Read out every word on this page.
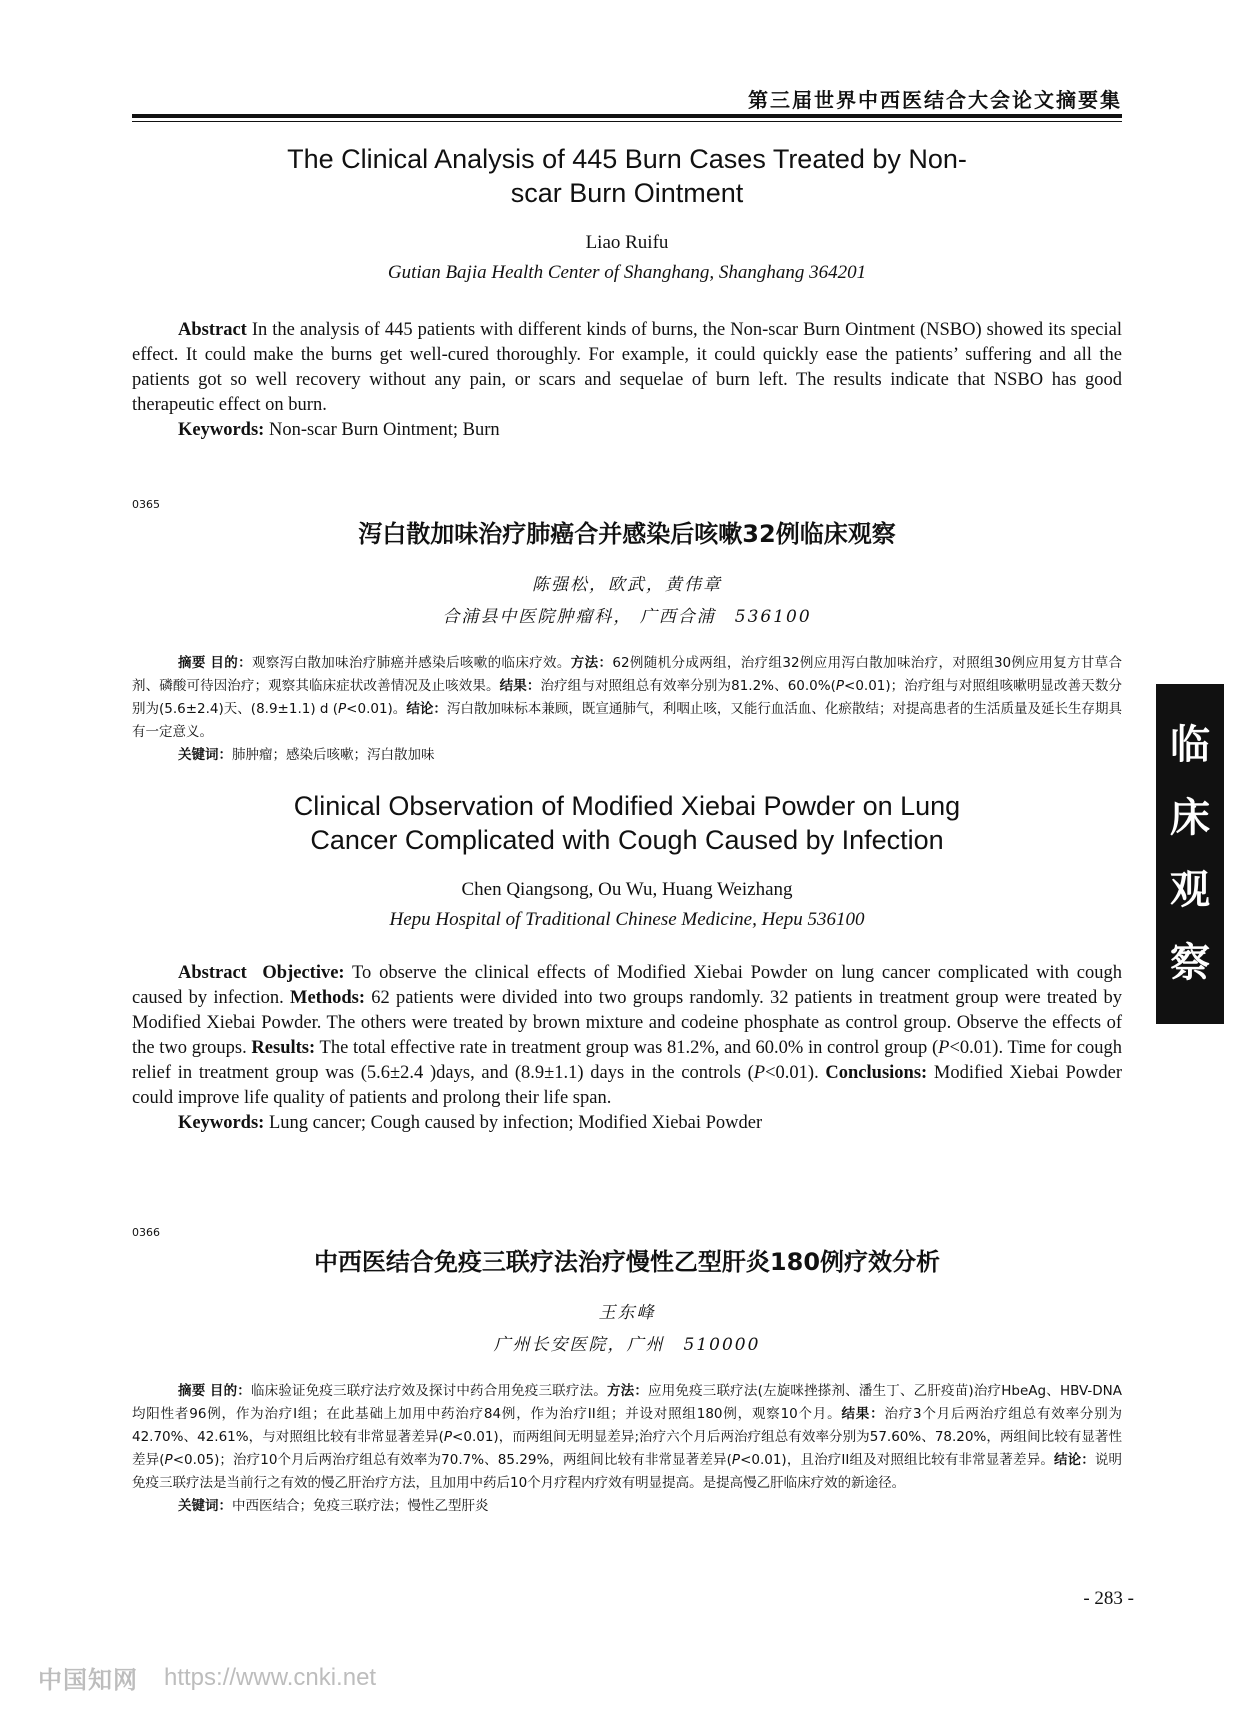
第三届世界中西医结合大会论文摘要集
The Clinical Analysis of 445 Burn Cases Treated by Non-scar Burn Ointment
Liao Ruifu
Gutian Bajia Health Center of Shanghang, Shanghang 364201

Abstract In the analysis of 445 patients with different kinds of burns, the Non-scar Burn Ointment (NSBO) showed its special effect. It could make the burns get well-cured thoroughly. For example, it could quickly ease the patients’ suffering and all the patients got so well recovery without any pain, or scars and sequelae of burn left. The results indicate that NSBO has good therapeutic effect on burn.

Keywords: Non-scar Burn Ointment; Burn

0365
泻白散加味治疗肺癌合并感染后咳嗽32例临床观察
陈强松，欧武，黄伟章
合浦县中医院肿瘤科， 广西合浦　536100

摘要 目的：观察泻白散加味治疗肺癌并感染后咳嗽的临床疗效。方法：62例随机分成两组，治疗组32例应用泻白散加味治疗，对照组30例应用复方甘草合剂、磷酸可待因治疗；观察其临床症状改善情况及止咳效果。结果：治疗组与对照组总有效率分别为81.2%、60.0%(P<0.01)；治疗组与对照组咳嗽明显改善天数分别为(5.6±2.4)天、(8.9±1.1) d (P<0.01)。结论：泻白散加味标本兼顾，既宣通肺气，利咽止咳，又能行血活血、化瘀散结；对提高患者的生活质量及延长生存期具有一定意义。

关键词：肺肿瘤；感染后咳嗽；泻白散加味

Clinical Observation of Modified Xiebai Powder on Lung Cancer Complicated with Cough Caused by Infection
Chen Qiangsong, Ou Wu, Huang Weizhang
Hepu Hospital of Traditional Chinese Medicine, Hepu 536100

Abstract Objective: To observe the clinical effects of Modified Xiebai Powder on lung cancer complicated with cough caused by infection. Methods: 62 patients were divided into two groups randomly. 32 patients in treatment group were treated by Modified Xiebai Powder. The others were treated by brown mixture and codeine phosphate as control group. Observe the effects of the two groups. Results: The total effective rate in treatment group was 81.2%, and 60.0% in control group (P<0.01). Time for cough relief in treatment group was (5.6±2.4 )days, and (8.9±1.1) days in the controls (P<0.01). Conclusions: Modified Xiebai Powder could improve life quality of patients and prolong their life span.

Keywords: Lung cancer; Cough caused by infection; Modified Xiebai Powder

0366
中西医结合免疫三联疗法治疗慢性乙型肝炎180例疗效分析
王东峰
广州长安医院，广州　510000

摘要 目的：临床验证免疫三联疗法疗效及探讨中药合用免疫三联疗法。方法：应用免疫三联疗法(左旋咪挫搽剂、潘生丁、乙肝疫苗)治疗HbeAg、HBV-DNA均阳性者96例，作为治疗I组；在此基础上加用中药治疗84例，作为治疗II组；并设对照组180例，观察10个月。结果：治疗3个月后两治疗组总有效率分别为42.70%、42.61%，与对照组比较有非常显著差异(P<0.01)，而两组间无明显差异;治疗六个月后两治疗组总有效率分别为57.60%、78.20%，两组间比较有显著性差异(P<0.05)；治疗10个月后两治疗组总有效率为70.7%、85.29%，两组间比较有非常显著差异(P<0.01)，且治疗II组及对照组比较有非常显著差异。结论：说明免疫三联疗法是当前行之有效的慢乙肝治疗方法，且加用中药后10个月疗程内疗效有明显提高。是提高慢乙肝临床疗效的新途径。

关键词：中西医结合；免疫三联疗法；慢性乙型肝炎

临
床
观
察
- 283 -
中国知网 https://www.cnki.net
